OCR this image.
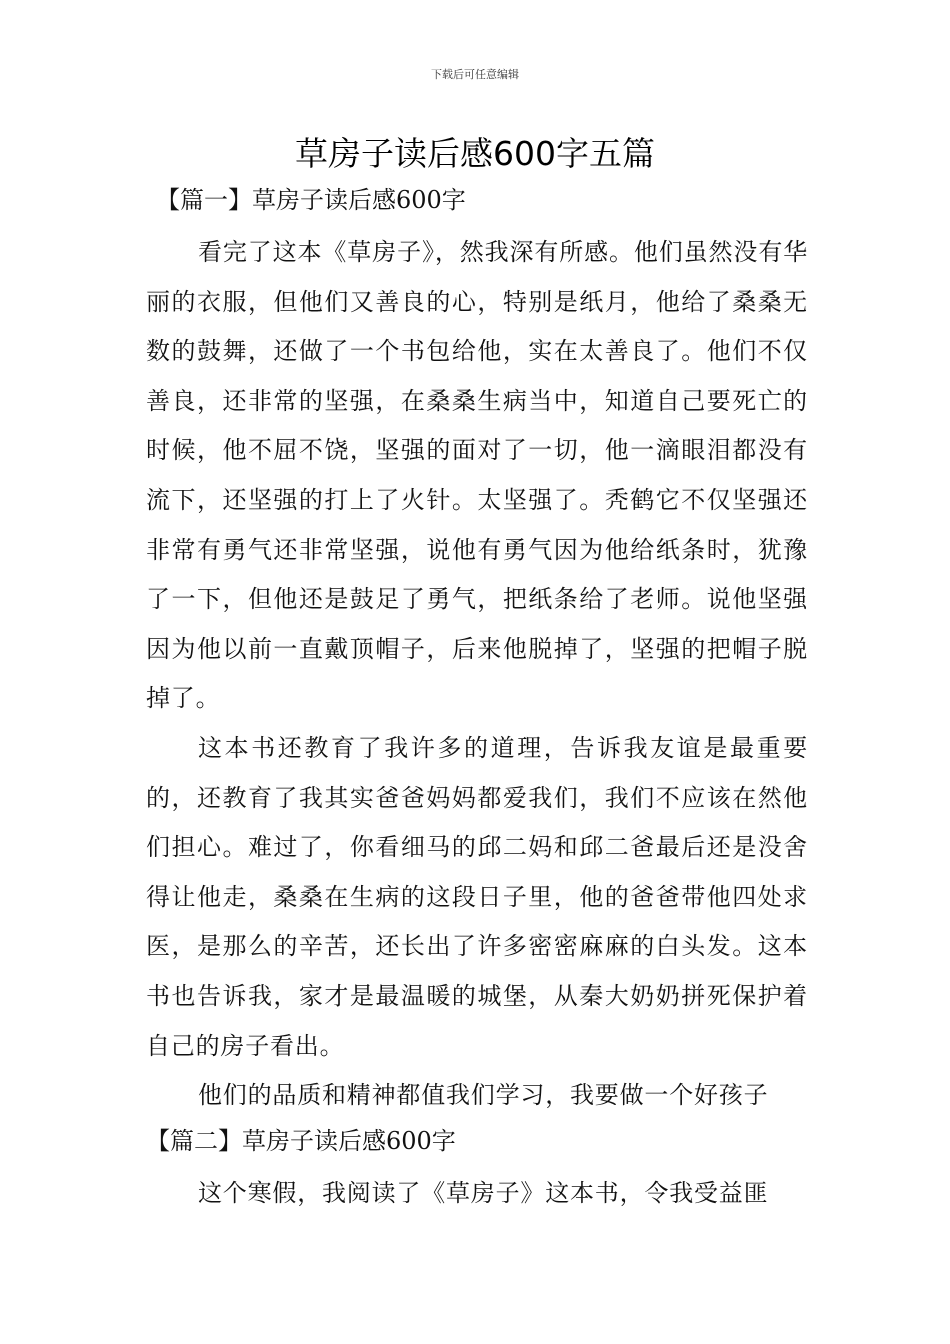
下载后可任意编辑
草房子读后感600字五篇

【篇一】草房子读后感600字

看完了这本《草房子》，然我深有所感。他们虽然没有华丽的衣服，但他们又善良的心，特别是纸月，他给了桑桑无数的鼓舞，还做了一个书包给他，实在太善良了。他们不仅善良，还非常的坚强，在桑桑生病当中，知道自己要死亡的时候，他不屈不饶，坚强的面对了一切，他一滴眼泪都没有流下，还坚强的打上了火针。太坚强了。秃鹤它不仅坚强还非常有勇气还非常坚强，说他有勇气因为他给纸条时，犹豫了一下，但他还是鼓足了勇气，把纸条给了老师。说他坚强因为他以前一直戴顶帽子，后来他脱掉了，坚强的把帽子脱掉了。

这本书还教育了我许多的道理，告诉我友谊是最重要的，还教育了我其实爸爸妈妈都爱我们，我们不应该在然他们担心。难过了，你看细马的邱二妈和邱二爸最后还是没舍得让他走，桑桑在生病的这段日子里，他的爸爸带他四处求医，是那么的辛苦，还长出了许多密密麻麻的白头发。这本书也告诉我，家才是最温暖的城堡，从秦大奶奶拼死保护着自己的房子看出。

他们的品质和精神都值我们学习，我要做一个好孩子

【篇二】草房子读后感600字

这个寒假，我阅读了《草房子》这本书，令我受益匪
